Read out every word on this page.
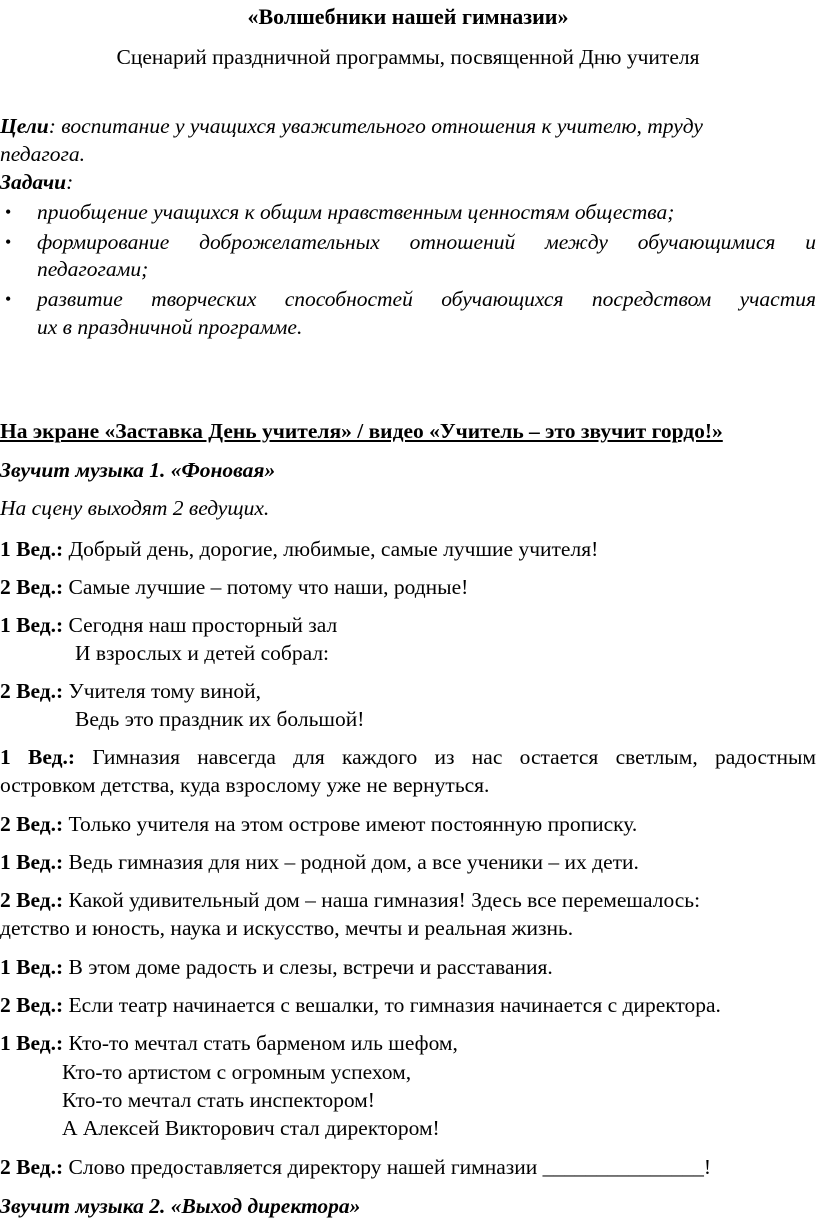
«Волшебники нашей гимназии»
Сценарий праздничной программы, посвященной Дню учителя
Цели: воспитание у учащихся уважительного отношения к учителю, труду
педагога.
Задачи:
• приобщение учащихся к общим нравственным ценностям общества;
• формирование доброжелательных отношений между обучающимися и
педагогами;
• развитие творческих способностей обучающихся посредством участия
их в праздничной программе.
На экране «Заставка День учителя» / видео «Учитель – это звучит гордо!»
Звучит музыка 1. «Фоновая»
На сцену выходят 2 ведущих.
1 Вед.: Добрый день, дорогие, любимые, самые лучшие учителя!
2 Вед.: Самые лучшие – потому что наши, родные!
1 Вед.: Сегодня наш просторный зал
И взрослых и детей собрал:
2 Вед.: Учителя тому виной,
Ведь это праздник их большой!
1 Вед.: Гимназия навсегда для каждого из нас остается светлым, радостным
островком детства, куда взрослому уже не вернуться.
2 Вед.: Только учителя на этом острове имеют постоянную прописку.
1 Вед.: Ведь гимназия для них – родной дом, а все ученики – их дети.
2 Вед.: Какой удивительный дом – наша гимназия! Здесь все перемешалось:
детство и юность, наука и искусство, мечты и реальная жизнь.
1 Вед.: В этом доме радость и слезы, встречи и расставания.
2 Вед.: Если театр начинается с вешалки, то гимназия начинается с директора.
1 Вед.: Кто-то мечтал стать барменом иль шефом,
Кто-то артистом с огромным успехом,
Кто-то мечтал стать инспектором!
А Алексей Викторович стал директором!
2 Вед.: Слово предоставляется директору нашей гимназии _______________!
Звучит музыка 2. «Выход директора»
